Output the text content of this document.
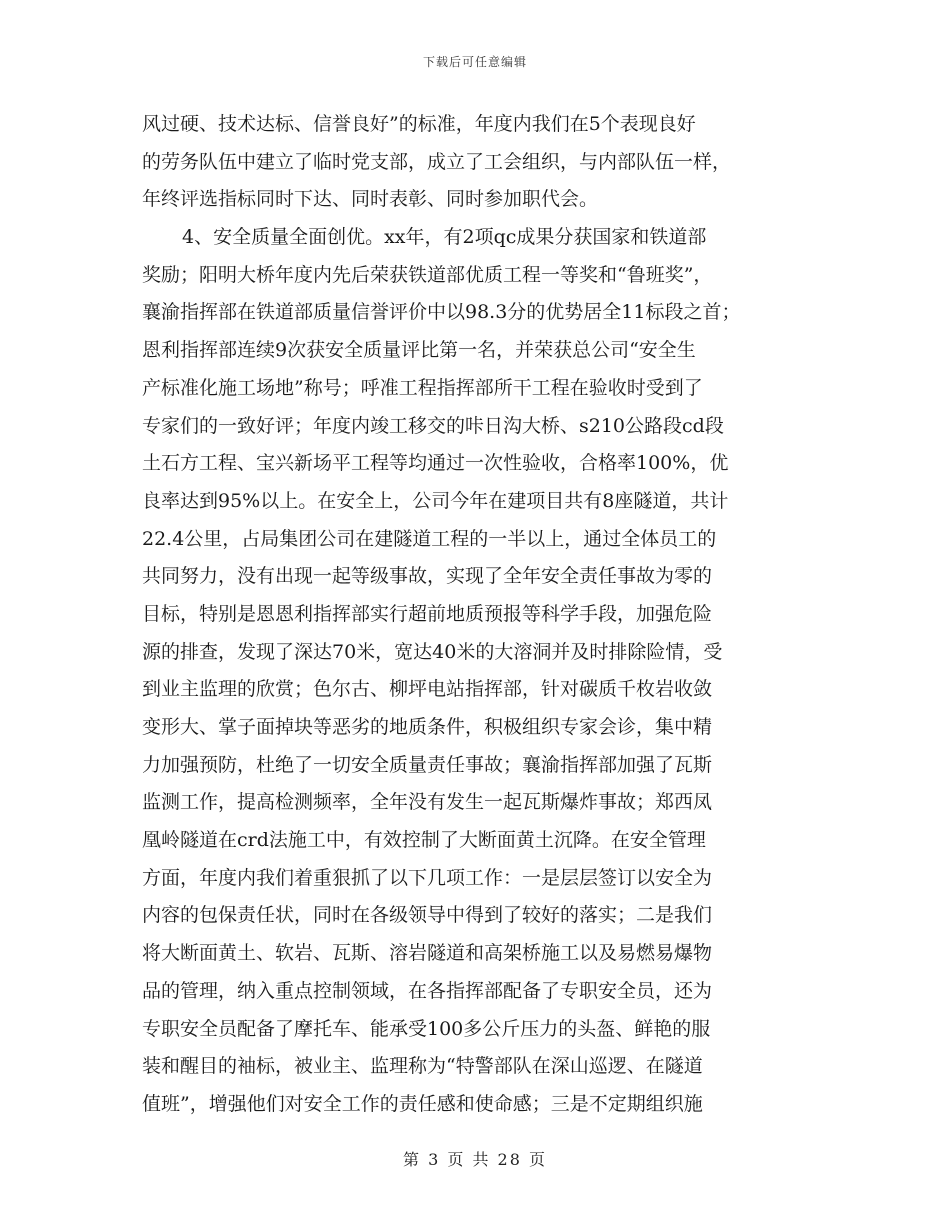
下载后可任意编辑
风过硬、技术达标、信誉良好”的标准，年度内我们在5个表现良好
的劳务队伍中建立了临时党支部，成立了工会组织，与内部队伍一样，
年终评选指标同时下达、同时表彰、同时参加职代会。
4、安全质量全面创优。xx年，有2项qc成果分获国家和铁道部
奖励；阳明大桥年度内先后荣获铁道部优质工程一等奖和“鲁班奖”，
襄渝指挥部在铁道部质量信誉评价中以98.3分的优势居全11标段之首；
恩利指挥部连续9次获安全质量评比第一名，并荣获总公司“安全生
产标准化施工场地”称号；呼准工程指挥部所干工程在验收时受到了
专家们的一致好评；年度内竣工移交的咔日沟大桥、s210公路段cd段
土石方工程、宝兴新场平工程等均通过一次性验收，合格率100%，优
良率达到95%以上。在安全上，公司今年在建项目共有8座隧道，共计
22.4公里，占局集团公司在建隧道工程的一半以上，通过全体员工的
共同努力，没有出现一起等级事故，实现了全年安全责任事故为零的
目标，特别是恩恩利指挥部实行超前地质预报等科学手段，加强危险
源的排查，发现了深达70米，宽达40米的大溶洞并及时排除险情，受
到业主监理的欣赏；色尔古、柳坪电站指挥部，针对碳质千枚岩收敛
变形大、掌子面掉块等恶劣的地质条件，积极组织专家会诊，集中精
力加强预防，杜绝了一切安全质量责任事故；襄渝指挥部加强了瓦斯
监测工作，提高检测频率，全年没有发生一起瓦斯爆炸事故；郑西凤
凰岭隧道在crd法施工中，有效控制了大断面黄土沉降。在安全管理
方面，年度内我们着重狠抓了以下几项工作：一是层层签订以安全为
内容的包保责任状，同时在各级领导中得到了较好的落实；二是我们
将大断面黄土、软岩、瓦斯、溶岩隧道和高架桥施工以及易燃易爆物
品的管理，纳入重点控制领域，在各指挥部配备了专职安全员，还为
专职安全员配备了摩托车、能承受100多公斤压力的头盔、鲜艳的服
装和醒目的袖标，被业主、监理称为“特警部队在深山巡逻、在隧道
值班”，增强他们对安全工作的责任感和使命感；三是不定期组织施
第 3 页 共 28 页
